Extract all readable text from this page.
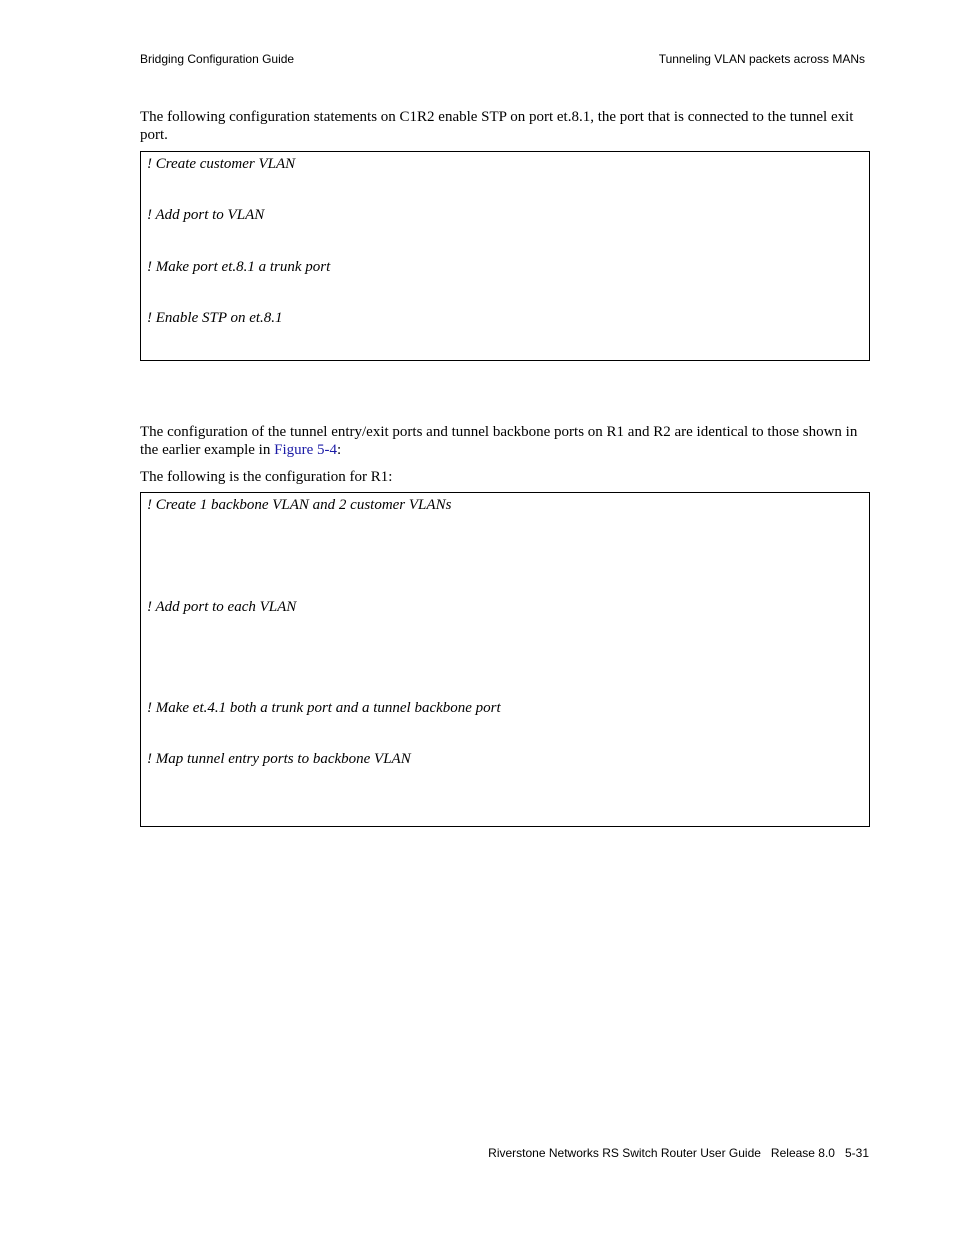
Bridging Configuration Guide	Tunneling VLAN packets across MANs
The following configuration statements on C1R2 enable STP on port et.8.1, the port that is connected to the tunnel exit port.
! Create customer VLAN
! Add port to VLAN
! Make port et.8.1 a trunk port
! Enable STP on et.8.1
The configuration of the tunnel entry/exit ports and tunnel backbone ports on R1 and R2 are identical to those shown in the earlier example in Figure 5-4:
The following is the configuration for R1:
! Create 1 backbone VLAN and 2 customer VLANs
! Add port to each VLAN
! Make et.4.1 both a trunk port and a tunnel backbone port
! Map tunnel entry ports to backbone VLAN
Riverstone Networks RS Switch Router User Guide   Release 8.0   5-31
